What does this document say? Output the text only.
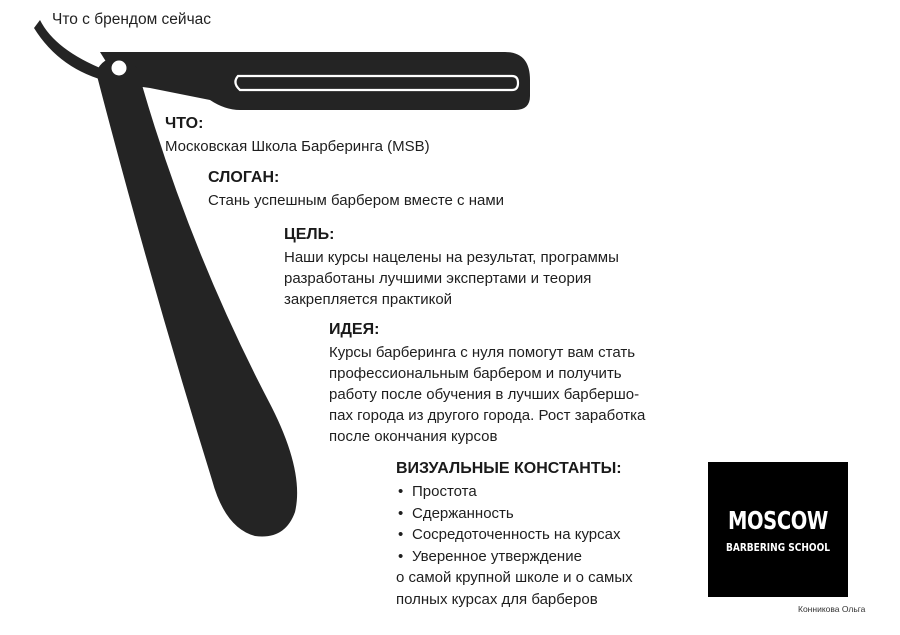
Что с брендом сейчас
ЧТО:
Московская Школа Барберинга (MSB)
СЛОГАН:
Стань успешным барбером вместе с нами
ЦЕЛЬ:
Наши курсы нацелены на результат, программы
разработаны лучшими экспертами и теория
закрепляется практикой
ИДЕЯ:
Курсы барберинга с нуля помогут вам стать
профессиональным барбером и получить
работу после обучения в лучших барбершо-
пах города из другого города. Рост заработка
после окончания курсов
ВИЗУАЛЬНЫЕ КОНСТАНТЫ:
• Простота
• Сдержанность
• Сосредоточенность на курсах
• Уверенное утверждение
о самой крупной школе и о самых
полных курсах для барберов
MOSCOW
BARBERING SCHOOL
Конникова Ольга
